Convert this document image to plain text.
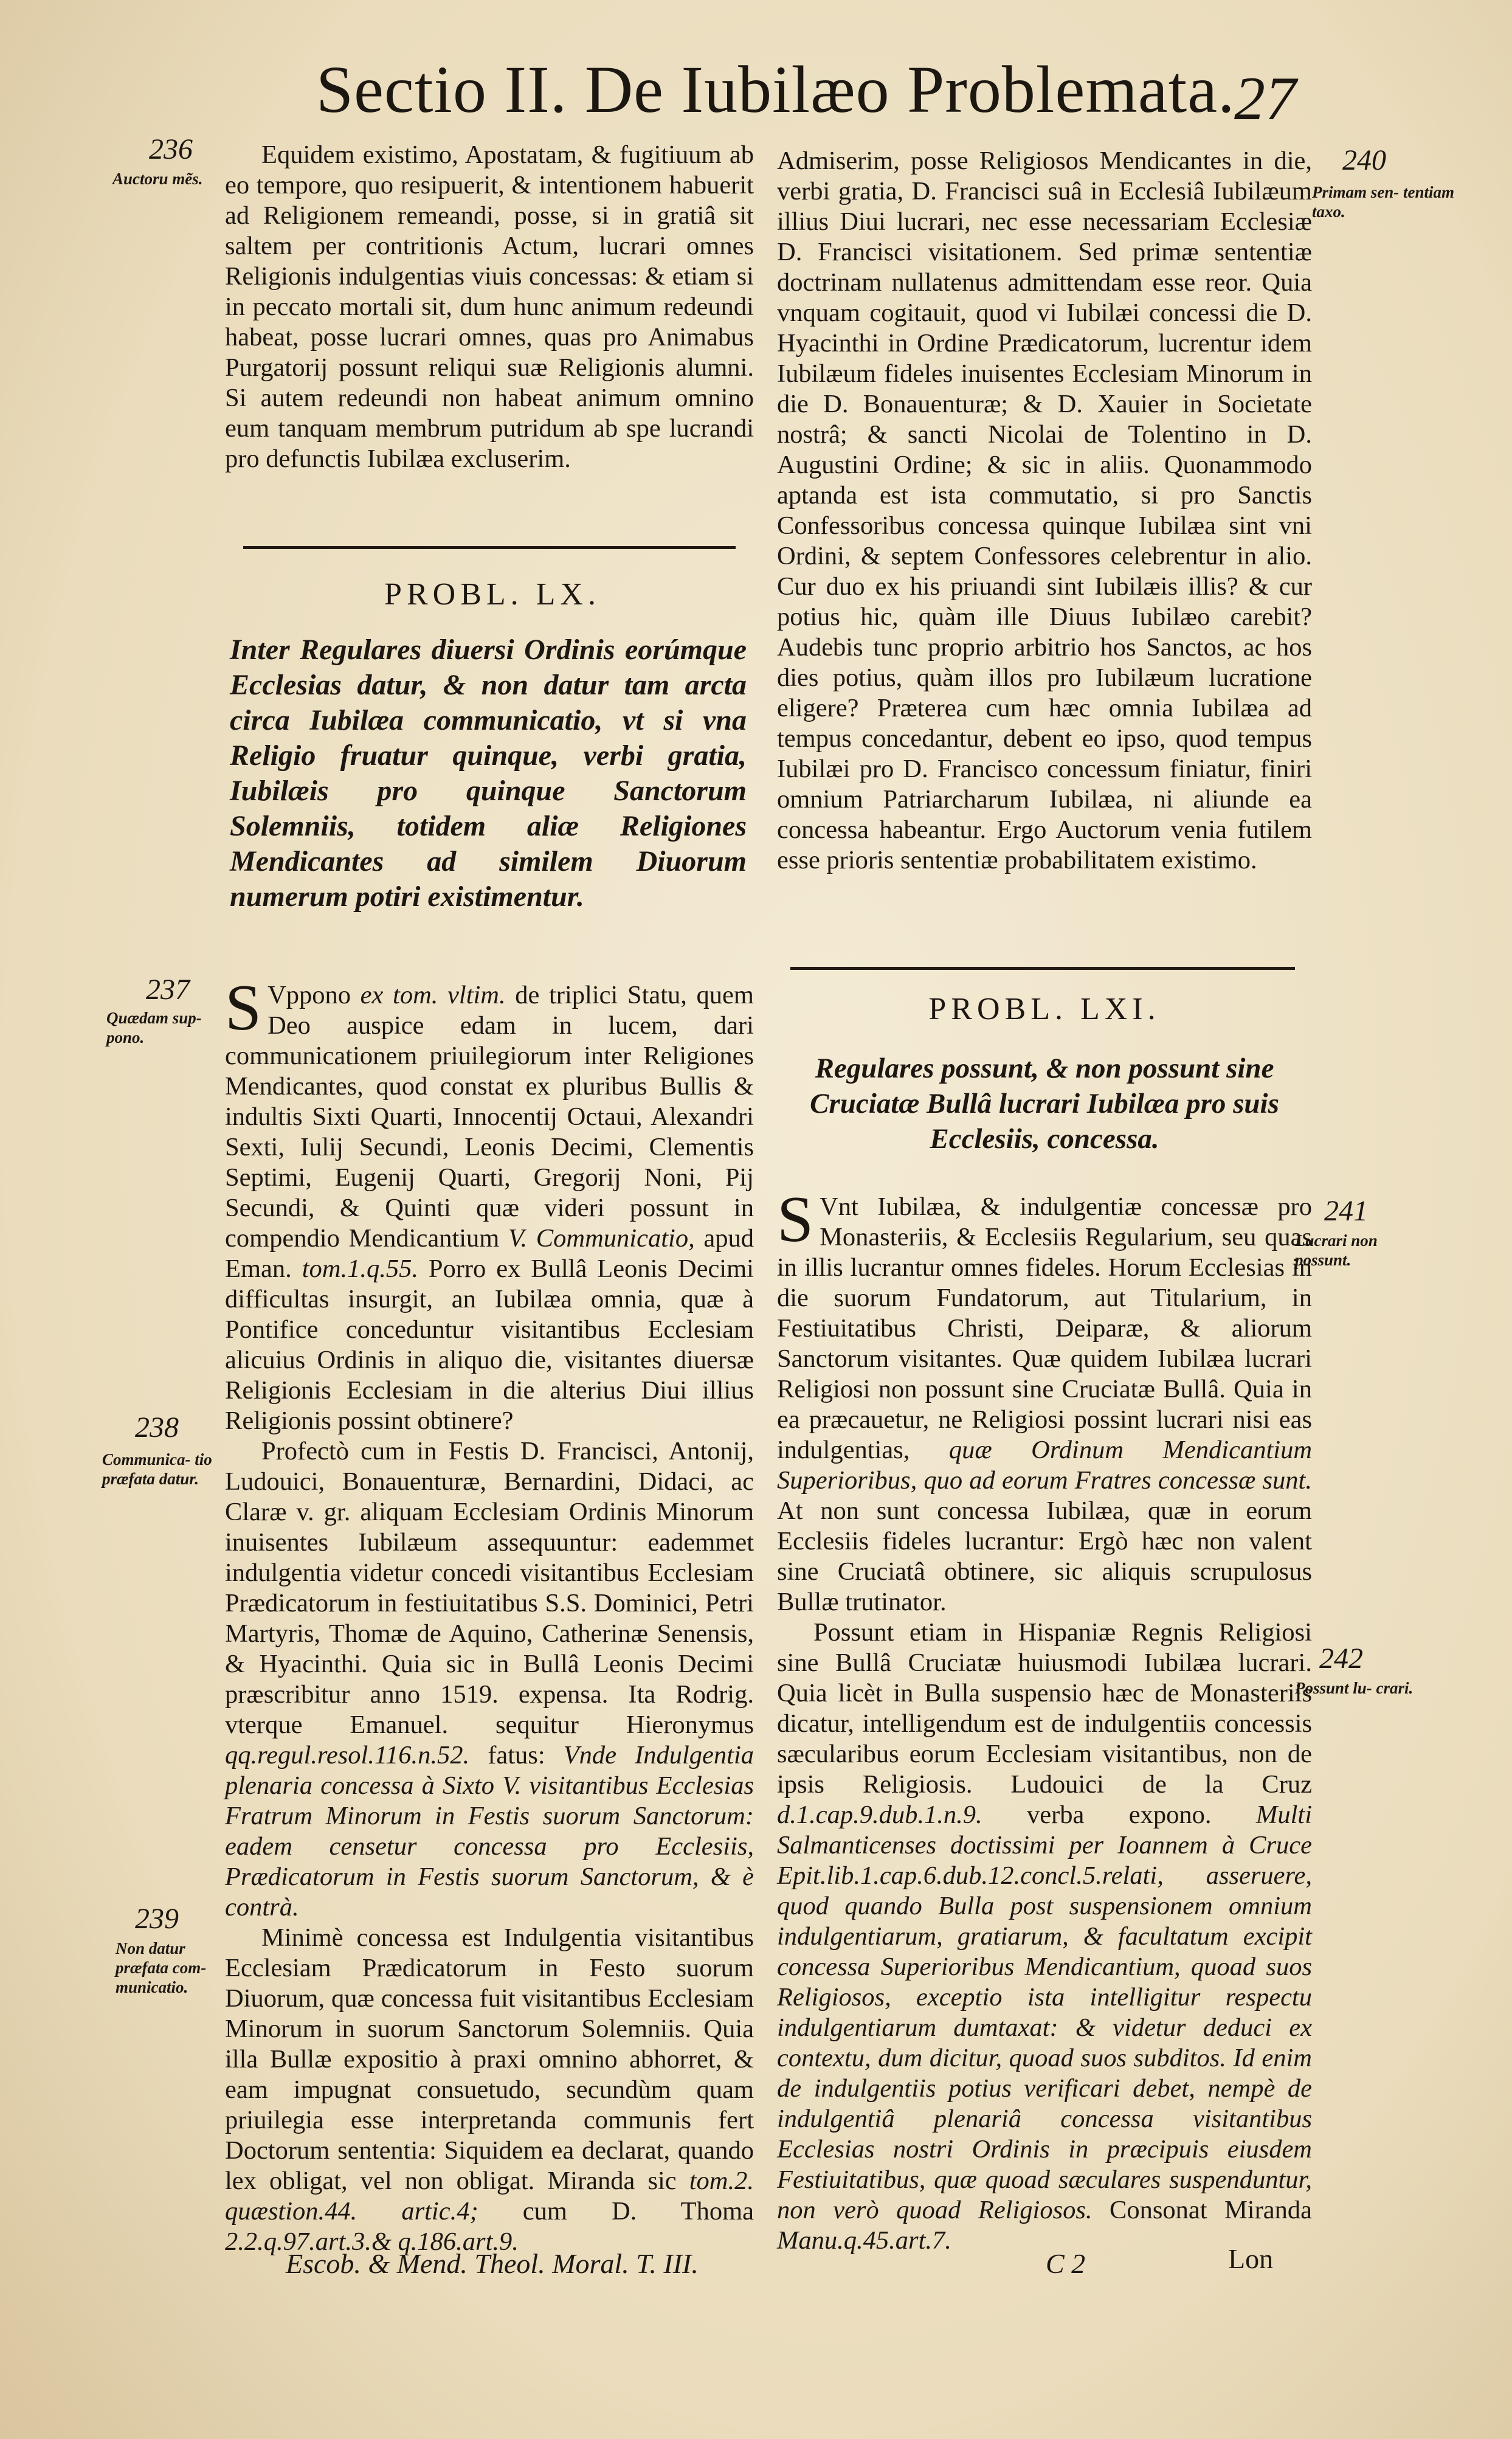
Sectio II. De Iubilæo Problemata.
27
236
Auctoru mẽs.

Equidem existimo, Apostatam, & fugitiuum ab eo tempore, quo resipuerit, & intentionem habuerit ad Religionem remeandi, posse, si in gratiâ sit saltem per contritionis Actum, lucrari omnes Religionis indulgentias viuis concessas: & etiam si in peccato mortali sit, dum hunc animum redeundi habeat, posse lucrari omnes, quas pro Animabus Purgatorij possunt reliqui suæ Religionis alumni. Si autem redeundi non habeat animum omnino eum tanquam membrum putridum ab spe lucrandi pro defunctis Iubilæa excluserim.

PROBL. LX.
Inter Regulares diuersi Ordinis eorúmque Ecclesias datur, & non datur tam arcta circa Iubilæa communicatio, vt si vna Religio fruatur quinque, verbi gratia, Iubilæis pro quinque Sanctorum Solemniis, totidem aliæ Religiones Mendicantes ad similem Diuorum numerum potiri existimentur.
237
Quædam sup- pono.
238
Communica- tio præfata datur.
239
Non datur præfata com- municatio.

S Vppono ex tom. vltim. de triplici Statu, quem Deo auspice edam in lucem, dari communicationem priuilegiorum inter Religiones Mendicantes, quod constat ex pluribus Bullis & indultis Sixti Quarti, Innocentij Octaui, Alexandri Sexti, Iulij Secundi, Leonis Decimi, Clementis Septimi, Eugenij Quarti, Gregorij Noni, Pij Secundi, & Quinti quæ videri possunt in compendio Mendicantium V. Communicatio, apud Eman. tom.1.q.55. Porro ex Bullâ Leonis Decimi difficultas insurgit, an Iubilæa omnia, quæ à Pontifice conceduntur visitantibus Ecclesiam alicuius Ordinis in aliquo die, visitantes diuersæ Religionis Ecclesiam in die alterius Diui illius Religionis possint obtinere?

Profectò cum in Festis D. Francisci, Antonij, Ludouici, Bonauenturæ, Bernardini, Didaci, ac Claræ v. gr. aliquam Ecclesiam Ordinis Minorum inuisentes Iubilæum assequuntur: eademmet indulgentia videtur concedi visitantibus Ecclesiam Prædicatorum in festiuitatibus S.S. Dominici, Petri Martyris, Thomæ de Aquino, Catherinæ Senensis, & Hyacinthi. Quia sic in Bullâ Leonis Decimi præscribitur anno 1519. expensa. Ita Rodrig. vterque Emanuel. sequitur Hieronymus qq.regul.resol.116.n.52. fatus: Vnde Indulgentia plenaria concessa à Sixto V. visitantibus Ecclesias Fratrum Minorum in Festis suorum Sanctorum: eadem censetur concessa pro Ecclesiis, Prædicatorum in Festis suorum Sanctorum, & è contrà.

Minimè concessa est Indulgentia visitantibus Ecclesiam Prædicatorum in Festo suorum Diuorum, quæ concessa fuit visitantibus Ecclesiam Minorum in suorum Sanctorum Solemniis. Quia illa Bullæ expositio à praxi omnino abhorret, & eam impugnat consuetudo, secundùm quam priuilegia esse interpretanda communis fert Doctorum sententia: Siquidem ea declarat, quando lex obligat, vel non obligat. Miranda sic tom.2. quæstion.44. artic.4; cum D. Thoma 2.2.q.97.art.3.& q.186.art.9.

Escob. & Mend. Theol. Moral. T. III.
240
Primam sen- tentiam taxo.

Admiserim, posse Religiosos Mendicantes in die, verbi gratia, D. Francisci suâ in Ecclesiâ Iubilæum illius Diui lucrari, nec esse necessariam Ecclesiæ D. Francisci visitationem. Sed primæ sententiæ doctrinam nullatenus admittendam esse reor. Quia vnquam cogitauit, quod vi Iubilæi concessi die D. Hyacinthi in Ordine Prædicatorum, lucrentur idem Iubilæum fideles inuisentes Ecclesiam Minorum in die D. Bonauenturæ; & D. Xauier in Societate nostrâ; & sancti Nicolai de Tolentino in D. Augustini Ordine; & sic in aliis. Quonammodo aptanda est ista commutatio, si pro Sanctis Confessoribus concessa quinque Iubilæa sint vni Ordini, & septem Confessores celebrentur in alio. Cur duo ex his priuandi sint Iubilæis illis? & cur potius hic, quàm ille Diuus Iubilæo carebit? Audebis tunc proprio arbitrio hos Sanctos, ac hos dies potius, quàm illos pro Iubilæum lucratione eligere? Præterea cum hæc omnia Iubilæa ad tempus concedantur, debent eo ipso, quod tempus Iubilæi pro D. Francisco concessum finiatur, finiri omnium Patriarcharum Iubilæa, ni aliunde ea concessa habeantur. Ergo Auctorum venia futilem esse prioris sententiæ probabilitatem existimo.

PROBL. LXI.
Regulares possunt, & non possunt sine Cruciatæ Bullâ lucrari Iubilæa pro suis Ecclesiis, concessa.
241
Lucrari non possunt.
242
Possunt lu- crari.

S Vnt Iubilæa, & indulgentiæ concessæ pro Monasteriis, & Ecclesiis Regularium, seu quas in illis lucrantur omnes fideles. Horum Ecclesias in die suorum Fundatorum, aut Titularium, in Festiuitatibus Christi, Deiparæ, & aliorum Sanctorum visitantes. Quæ quidem Iubilæa lucrari Religiosi non possunt sine Cruciatæ Bullâ. Quia in ea præcauetur, ne Religiosi possint lucrari nisi eas indulgentias, quæ Ordinum Mendicantium Superioribus, quo ad eorum Fratres concessæ sunt. At non sunt concessa Iubilæa, quæ in eorum Ecclesiis fideles lucrantur: Ergò hæc non valent sine Cruciatâ obtinere, sic aliquis scrupulosus Bullæ trutinator.

Possunt etiam in Hispaniæ Regnis Religiosi sine Bullâ Cruciatæ huiusmodi Iubilæa lucrari. Quia licèt in Bulla suspensio hæc de Monasteriis dicatur, intelligendum est de indulgentiis concessis sæcularibus eorum Ecclesiam visitantibus, non de ipsis Religiosis. Ludouici de la Cruz d.1.cap.9.dub.1.n.9. verba expono. Multi Salmanticenses doctissimi per Ioannem à Cruce Epit.lib.1.cap.6.dub.12.concl.5.relati, asseruere, quod quando Bulla post suspensionem omnium indulgentiarum, gratiarum, & facultatum excipit concessa Superioribus Mendicantium, quoad suos Religiosos, exceptio ista intelligitur respectu indulgentiarum dumtaxat: & videtur deduci ex contextu, dum dicitur, quoad suos subditos. Id enim de indulgentiis potius verificari debet, nempè de indulgentiâ plenariâ concessa visitantibus Ecclesias nostri Ordinis in præcipuis eiusdem Festiuitatibus, quæ quoad sæculares suspenduntur, non verò quoad Religiosos. Consonat Miranda Manu.q.45.art.7.

C 2	Lon
